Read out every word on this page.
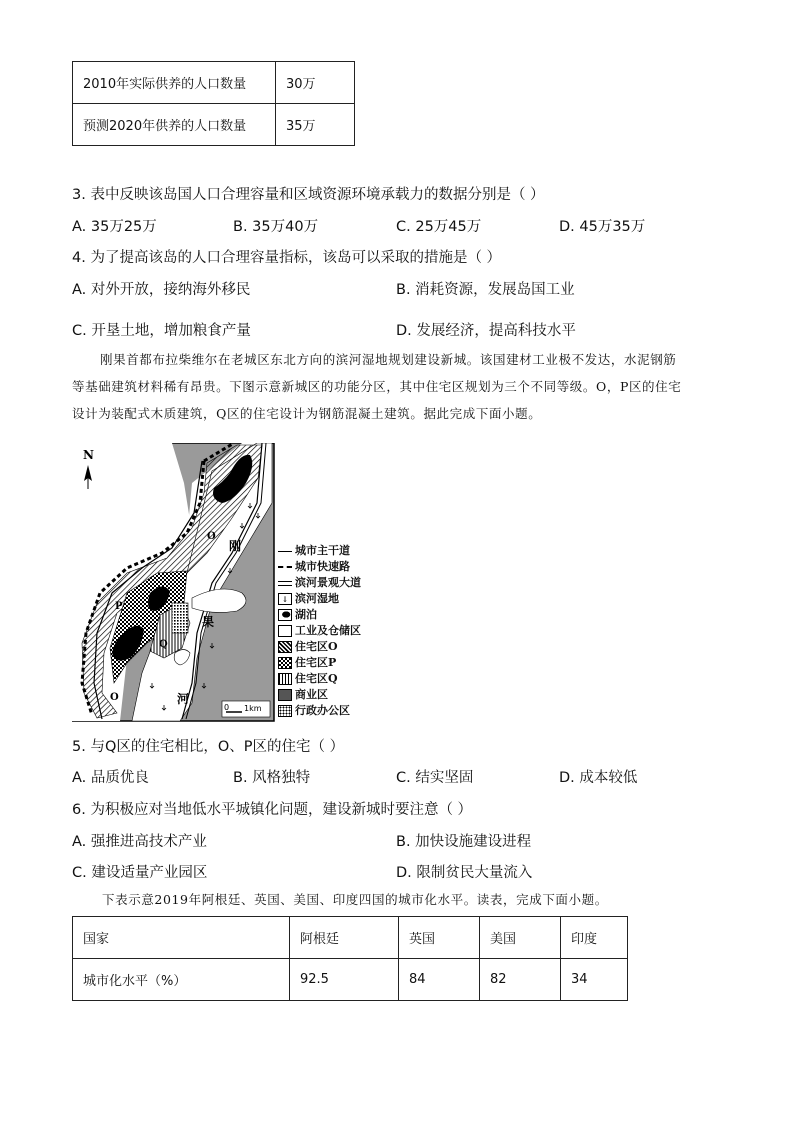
2010年实际供养的人口数量	30万
预测2020年供养的人口数量	35万
3. 表中反映该岛国人口合理容量和区域资源环境承载力的数据分别是（ ）
A. 35万25万	B. 35万40万	C. 25万45万	D. 45万35万
4. 为了提高该岛的人口合理容量指标，该岛可以采取的措施是（ ）
A. 对外开放，接纳海外移民	B. 消耗资源，发展岛国工业
C. 开垦土地，增加粮食产量	D. 发展经济，提高科技水平
刚果首都布拉柴维尔在老城区东北方向的滨河湿地规划建设新城。该国建材工业极不发达，水泥钢筋
等基础建筑材料稀有昂贵。下图示意新城区的功能分区，其中住宅区规划为三个不同等级。O，P区的住宅
设计为装配式木质建筑，Q区的住宅设计为钢筋混凝土建筑。据此完成下面小题。
0 1km
N
刚
果
河
O
P
Q
O
城市主干道
城市快速路
滨河景观大道
↓ 滨河湿地
湖泊
工业及仓储区
住宅区O
住宅区P
住宅区Q
商业区
行政办公区
5. 与Q区的住宅相比，O、P区的住宅（ ）
A. 品质优良	B. 风格独特	C. 结实坚固	D. 成本较低
6. 为积极应对当地低水平城镇化问题，建设新城时要注意（ ）
A. 强推进高技术产业	B. 加快设施建设进程
C. 建设适量产业园区	D. 限制贫民大量流入
下表示意2019年阿根廷、英国、美国、印度四国的城市化水平。读表，完成下面小题。
国家	阿根廷	英国	美国	印度
城市化水平（%）	92.5	84	82	34
